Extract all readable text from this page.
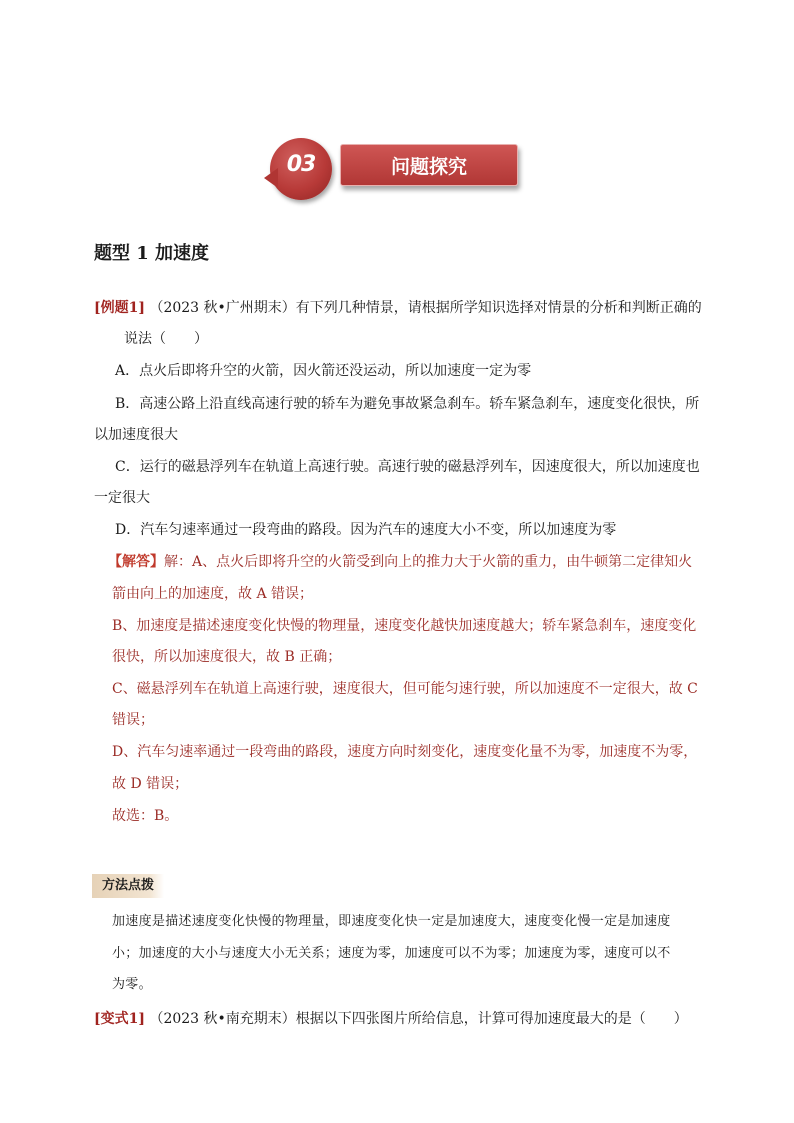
03	问题探究
题型 1 加速度
[例题1] （2023 秋•广州期末）有下列几种情景，请根据所学知识选择对情景的分析和判断正确的
说法（　　）
A．点火后即将升空的火箭，因火箭还没运动，所以加速度一定为零
B．高速公路上沿直线高速行驶的轿车为避免事故紧急刹车。轿车紧急刹车，速度变化很快，所
以加速度很大
C．运行的磁悬浮列车在轨道上高速行驶。高速行驶的磁悬浮列车，因速度很大，所以加速度也
一定很大
D．汽车匀速率通过一段弯曲的路段。因为汽车的速度大小不变，所以加速度为零
【解答】解：A、点火后即将升空的火箭受到向上的推力大于火箭的重力，由牛顿第二定律知火
箭由向上的加速度，故 A 错误；
B、加速度是描述速度变化快慢的物理量，速度变化越快加速度越大；轿车紧急刹车，速度变化
很快，所以加速度很大，故 B 正确；
C、磁悬浮列车在轨道上高速行驶，速度很大，但可能匀速行驶，所以加速度不一定很大，故 C
错误；
D、汽车匀速率通过一段弯曲的路段，速度方向时刻变化，速度变化量不为零，加速度不为零，
故 D 错误；
故选：B。
方法点拨
加速度是描述速度变化快慢的物理量，即速度变化快一定是加速度大，速度变化慢一定是加速度
小；加速度的大小与速度大小无关系；速度为零，加速度可以不为零；加速度为零，速度可以不
为零。
[变式1] （2023 秋•南充期末）根据以下四张图片所给信息，计算可得加速度最大的是（　　）
